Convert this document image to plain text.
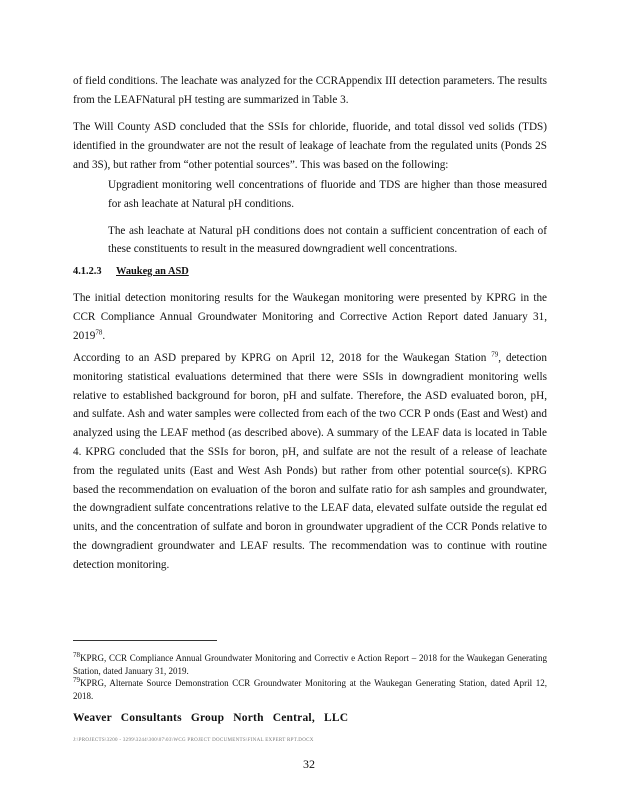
of field conditions. The leachate was analyzed for the CCRAppendix III detection parameters. The results from the LEAFNatural pH testing are summarized in Table 3.

The Will County ASD concluded that the SSIs for chloride, fluoride, and total dissol ved solids (TDS) identified in the groundwater are not the result of leakage of leachate from the regulated units (Ponds 2S and 3S), but rather from “other potential sources”. This was based on the following:

Upgradient monitoring well concentrations of fluoride and TDS are higher than those measured for ash leachate at Natural pH conditions.
The ash leachate at Natural pH conditions does not contain a sufficient concentration of each of these constituents to result in the measured downgradient well concentrations.
4.1.2.3 Waukeg an ASD

The initial detection monitoring results for the Waukegan monitoring were presented by KPRG in the CCR Compliance Annual Groundwater Monitoring and Corrective Action Report dated January 31, 2019$^{78}$.

According to an ASD prepared by KPRG on April 12, 2018 for the Waukegan Station $^{79}$, detection monitoring statistical evaluations determined that there were SSIs in downgradient monitoring wells relative to established background for boron, pH and sulfate. Therefore, the ASD evaluated boron, pH, and sulfate. Ash and water samples were collected from each of the two CCR P onds (East and West) and analyzed using the LEAF method (as described above). A summary of the LEAF data is located in Table 4. KPRG concluded that the SSIs for boron, pH, and sulfate are not the result of a release of leachate from the regulated units (East and West Ash Ponds) but rather from other potential source(s). KPRG based the recommendation on evaluation of the boron and sulfate ratio for ash samples and groundwater, the downgradient sulfate concentrations relative to the LEAF data, elevated sulfate outside the regulat ed units, and the concentration of sulfate and boron in groundwater upgradient of the CCR Ponds relative to the downgradient groundwater and LEAF results. The recommendation was to continue with routine detection monitoring.

$^{78}$KPRG, CCR Compliance Annual Groundwater Monitoring and Correctiv e Action Report – 2018 for the Waukegan Generating Station, dated January 31, 2019.

$^{79}$KPRG, Alternate Source Demonstration CCR Groundwater Monitoring at the Waukegan Generating Station, dated April 12, 2018.

Weaver Consultants Group North Central, LLC
J:\PROJECTS\3200 - 3299\3244\300\07\03\WCG PROJECT DOCUMENTS\FINAL EXPERT RPT.DOCX
32
